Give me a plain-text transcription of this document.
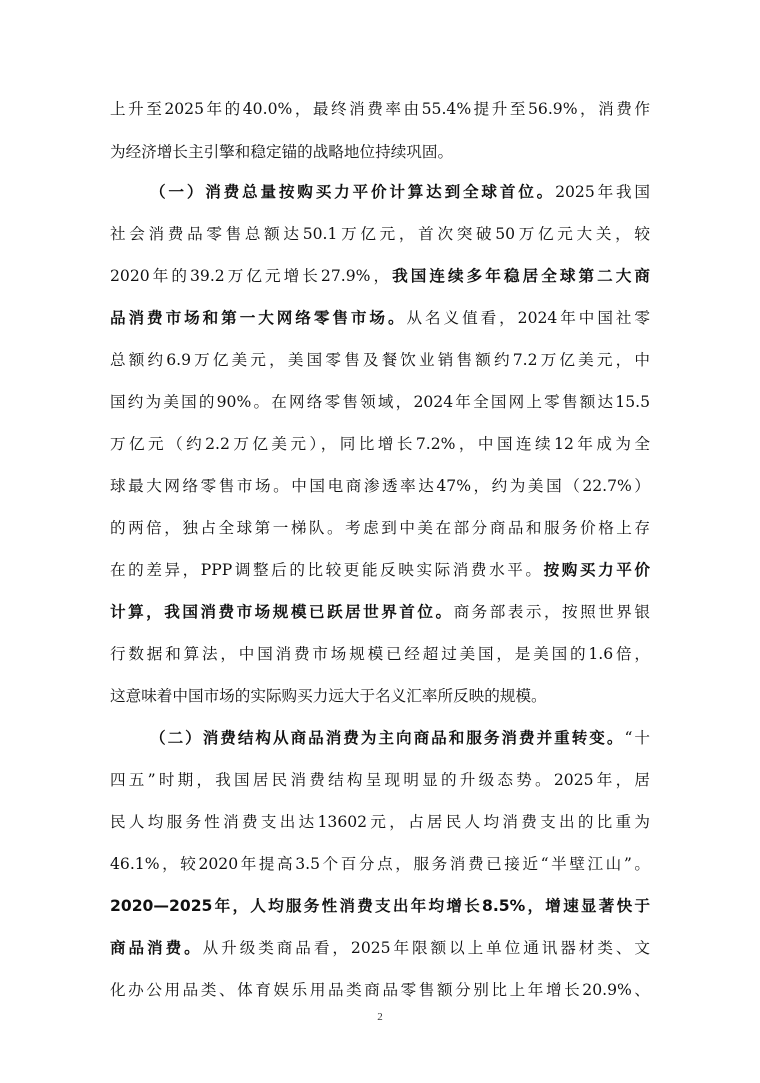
上升至2025年的40.0%，最终消费率由55.4%提升至56.9%，消费作
为经济增长主引擎和稳定锚的战略地位持续巩固。
（一）消费总量按购买力平价计算达到全球首位。2025年我国
社会消费品零售总额达50.1万亿元，首次突破50万亿元大关，较
2020年的39.2万亿元增长27.9%，我国连续多年稳居全球第二大商
品消费市场和第一大网络零售市场。从名义值看，2024年中国社零
总额约6.9万亿美元，美国零售及餐饮业销售额约7.2万亿美元，中
国约为美国的90%。在网络零售领域，2024年全国网上零售额达15.5
万亿元（约2.2万亿美元），同比增长7.2%，中国连续12年成为全
球最大网络零售市场。中国电商渗透率达47%，约为美国（22.7%）
的两倍，独占全球第一梯队。考虑到中美在部分商品和服务价格上存
在的差异，PPP调整后的比较更能反映实际消费水平。按购买力平价
计算，我国消费市场规模已跃居世界首位。商务部表示，按照世界银
行数据和算法，中国消费市场规模已经超过美国，是美国的1.6倍，
这意味着中国市场的实际购买力远大于名义汇率所反映的规模。
（二）消费结构从商品消费为主向商品和服务消费并重转变。“十
四五”时期，我国居民消费结构呈现明显的升级态势。2025年，居
民人均服务性消费支出达13602元，占居民人均消费支出的比重为
46.1%，较2020年提高3.5个百分点，服务消费已接近“半壁江山”。
2020—2025年，人均服务性消费支出年均增长8.5%，增速显著快于
商品消费。从升级类商品看，2025年限额以上单位通讯器材类、文
化办公用品类、体育娱乐用品类商品零售额分别比上年增长20.9%、
2
